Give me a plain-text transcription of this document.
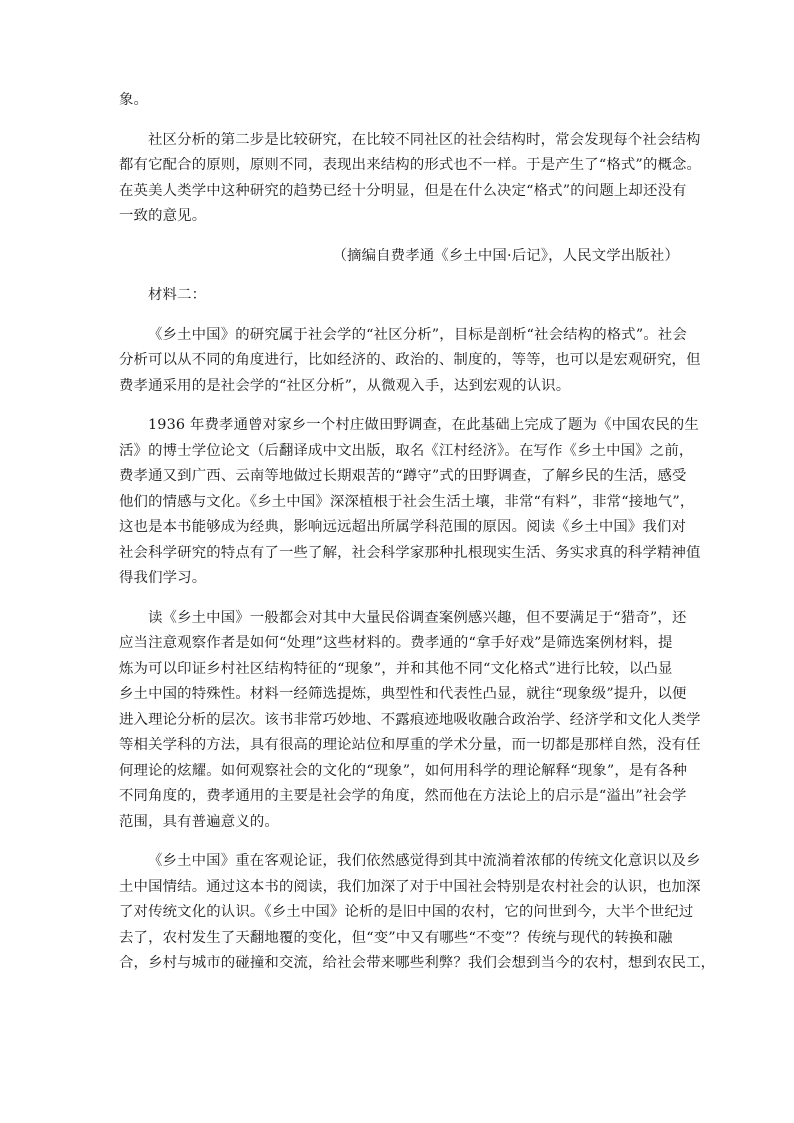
象。
社区分析的第二步是比较研究，在比较不同社区的社会结构时，常会发现每个社会结构
都有它配合的原则，原则不同，表现出来结构的形式也不一样。于是产生了“格式”的概念。
在英美人类学中这种研究的趋势已经十分明显，但是在什么决定“格式”的问题上却还没有
一致的意见。
（摘编自费孝通《乡土中国·后记》，人民文学出版社）
材料二：
《乡土中国》的研究属于社会学的“社区分析”，目标是剖析“社会结构的格式”。社会
分析可以从不同的角度进行，比如经济的、政治的、制度的，等等，也可以是宏观研究，但
费孝通采用的是社会学的“社区分析”，从微观入手，达到宏观的认识。
1936 年费孝通曾对家乡一个村庄做田野调查，在此基础上完成了题为《中国农民的生
活》的博士学位论文（后翻译成中文出版，取名《江村经济》。在写作《乡土中国》之前，
费孝通又到广西、云南等地做过长期艰苦的“蹲守”式的田野调查，了解乡民的生活，感受
他们的情感与文化。《乡土中国》深深植根于社会生活土壤，非常“有料”，非常“接地气”，
这也是本书能够成为经典，影响远远超出所属学科范围的原因。阅读《乡土中国》我们对
社会科学研究的特点有了一些了解，社会科学家那种扎根现实生活、务实求真的科学精神值
得我们学习。
读《乡土中国》一般都会对其中大量民俗调查案例感兴趣，但不要满足于“猎奇”，还
应当注意观察作者是如何“处理”这些材料的。费孝通的“拿手好戏”是筛选案例材料，提
炼为可以印证乡村社区结构特征的“现象”，并和其他不同“文化格式”进行比较，以凸显
乡土中国的特殊性。材料一经筛选提炼，典型性和代表性凸显，就往“现象级”提升，以便
进入理论分析的层次。该书非常巧妙地、不露痕迹地吸收融合政治学、经济学和文化人类学
等相关学科的方法，具有很高的理论站位和厚重的学术分量，而一切都是那样自然，没有任
何理论的炫耀。如何观察社会的文化的“现象”，如何用科学的理论解释“现象”，是有各种
不同角度的，费孝通用的主要是社会学的角度，然而他在方法论上的启示是“溢出”社会学
范围，具有普遍意义的。
《乡土中国》重在客观论证，我们依然感觉得到其中流淌着浓郁的传统文化意识以及乡
土中国情结。通过这本书的阅读，我们加深了对于中国社会特别是农村社会的认识，也加深
了对传统文化的认识。《乡土中国》论析的是旧中国的农村，它的问世到今，大半个世纪过
去了，农村发生了天翻地覆的变化，但“变”中又有哪些“不变”？传统与现代的转换和融
合，乡村与城市的碰撞和交流，给社会带来哪些利弊？我们会想到当今的农村，想到农民工，
